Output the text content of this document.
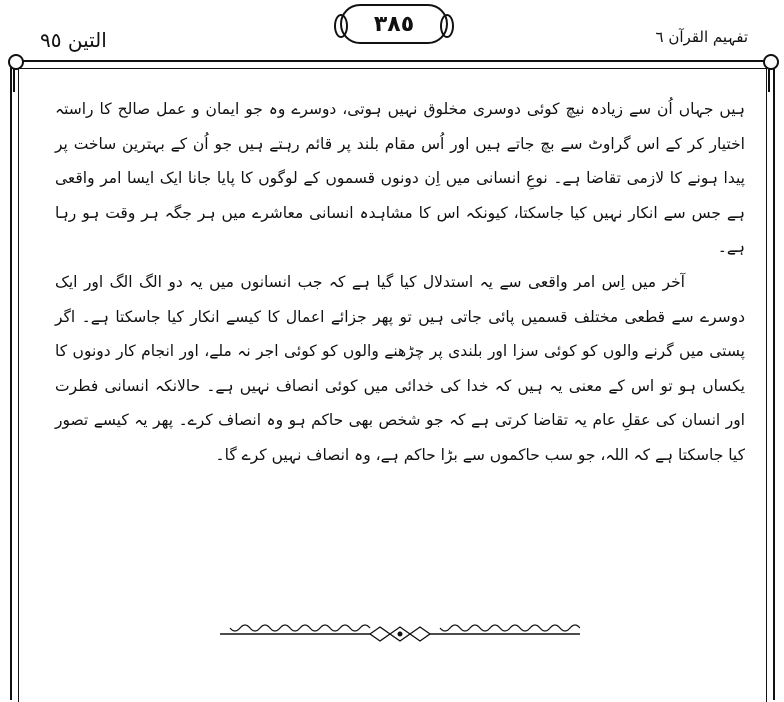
التین ٩٥
٣٨٥
تفہیم القرآن ٦

ہیں جہاں اُن سے زیادہ نیچ کوئی دوسری مخلوق نہیں ہوتی، دوسرے وہ جو ایمان و عمل صالح کا راستہ اختیار کر کے اس گراوٹ سے بچ جاتے ہیں اور اُس مقام بلند پر قائم رہتے ہیں جو اُن کے بہترین ساخت پر پیدا ہونے کا لازمی تقاضا ہے۔ نوعِ انسانی میں اِن دونوں قسموں کے لوگوں کا پایا جانا ایک ایسا امر واقعی ہے جس سے انکار نہیں کیا جاسکتا، کیونکہ اس کا مشاہدہ انسانی معاشرے میں ہر جگہ ہر وقت ہو رہا ہے۔

آخر میں اِس امر واقعی سے یہ استدلال کیا گیا ہے کہ جب انسانوں میں یہ دو الگ الگ اور ایک دوسرے سے قطعی مختلف قسمیں پائی جاتی ہیں تو پھر جزائے اعمال کا کیسے انکار کیا جاسکتا ہے۔ اگر پستی میں گرنے والوں کو کوئی سزا اور بلندی پر چڑھنے والوں کو کوئی اجر نہ ملے، اور انجام کار دونوں کا یکساں ہو تو اس کے معنی یہ ہیں کہ خدا کی خدائی میں کوئی انصاف نہیں ہے۔ حالانکہ انسانی فطرت اور انسان کی عقلِ عام یہ تقاضا کرتی ہے کہ جو شخص بھی حاکم ہو وہ انصاف کرے۔ پھر یہ کیسے تصور کیا جاسکتا ہے کہ اللہ، جو سب حاکموں سے بڑا حاکم ہے، وہ انصاف نہیں کرے گا۔
